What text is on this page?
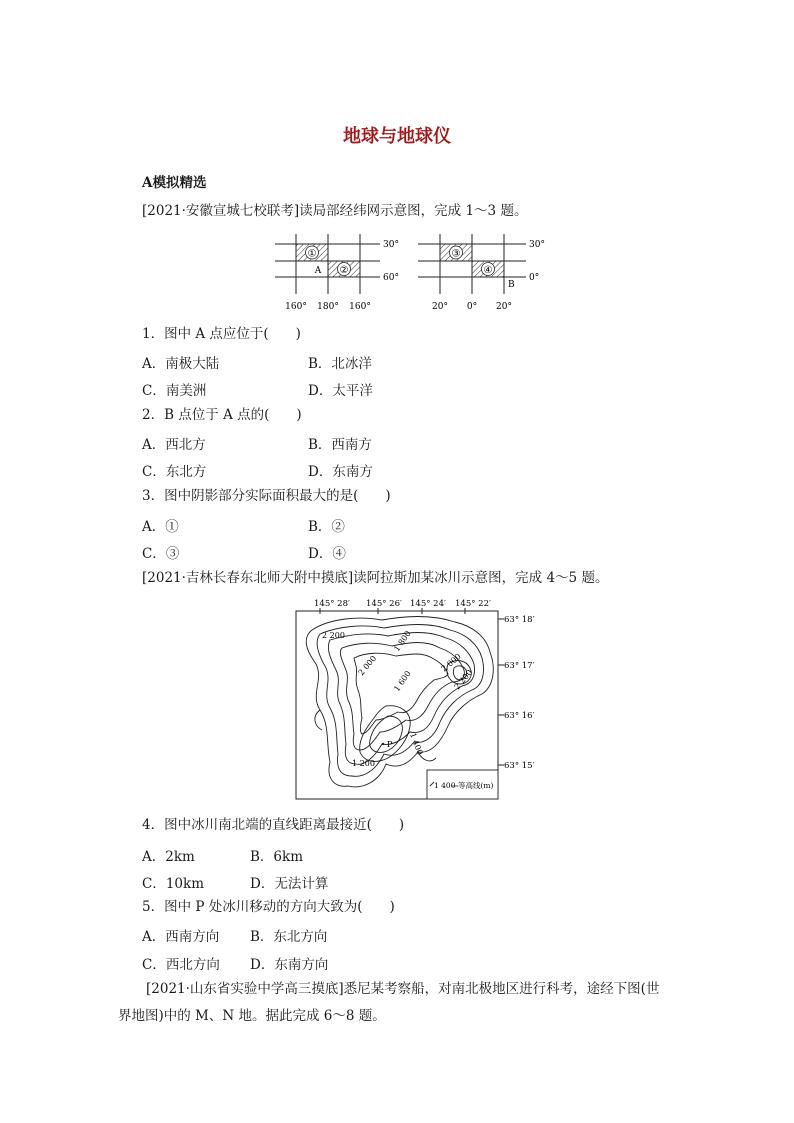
地球与地球仪
A模拟精选
[2021·安徽宣城七校联考]读局部经纬网示意图，完成 1～3 题。
①
②
A
30°
60°
160° 180° 160°
③
④
B
30°
0°
20° 0° 20°
1．图中 A 点应位于(　　)
A．南极大陆	B．北冰洋
C．南美洲	D．太平洋
2．B 点位于 A 点的(　　)
A．西北方	B．西南方
C．东北方	D．东南方
3．图中阴影部分实际面积最大的是(　　)
A．①	B．②
C．③	D．④
[2021·吉林长春东北师大附中摸底]读阿拉斯加某冰川示意图，完成 4～5 题。
145° 28′ 145° 26′ 145° 24′ 145° 22′
63° 18′
63° 17′
63° 16′
63° 15′
2 200
2 000
1 800
1 600
2 000
2 200
1 400
1 200
P
1 400 等高线(m)
4．图中冰川南北端的直线距离最接近(　　)
A．2km	B．6km
C．10km	D．无法计算
5．图中 P 处冰川移动的方向大致为(　　)
A．西南方向 B．东北方向
C．西北方向 D．东南方向
[2021·山东省实验中学高三摸底]悉尼某考察船，对南北极地区进行科考，途经下图(世
界地图)中的 M、N 地。据此完成 6～8 题。
